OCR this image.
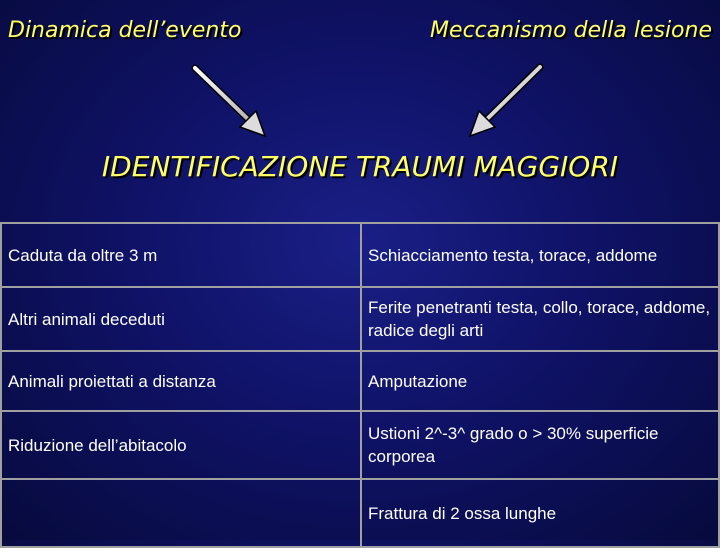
Dinamica dell’evento	Meccanismo della lesione
IDENTIFICAZIONE TRAUMI MAGGIORI
Caduta da oltre 3 m	Schiacciamento testa, torace, addome
Altri animali deceduti	Ferite penetranti testa, collo, torace, addome, radice degli arti
Animali proiettati a distanza	Amputazione
Riduzione dell’abitacolo	Ustioni 2^-3^ grado o > 30% superficie corporea
	Frattura di 2 ossa lunghe
